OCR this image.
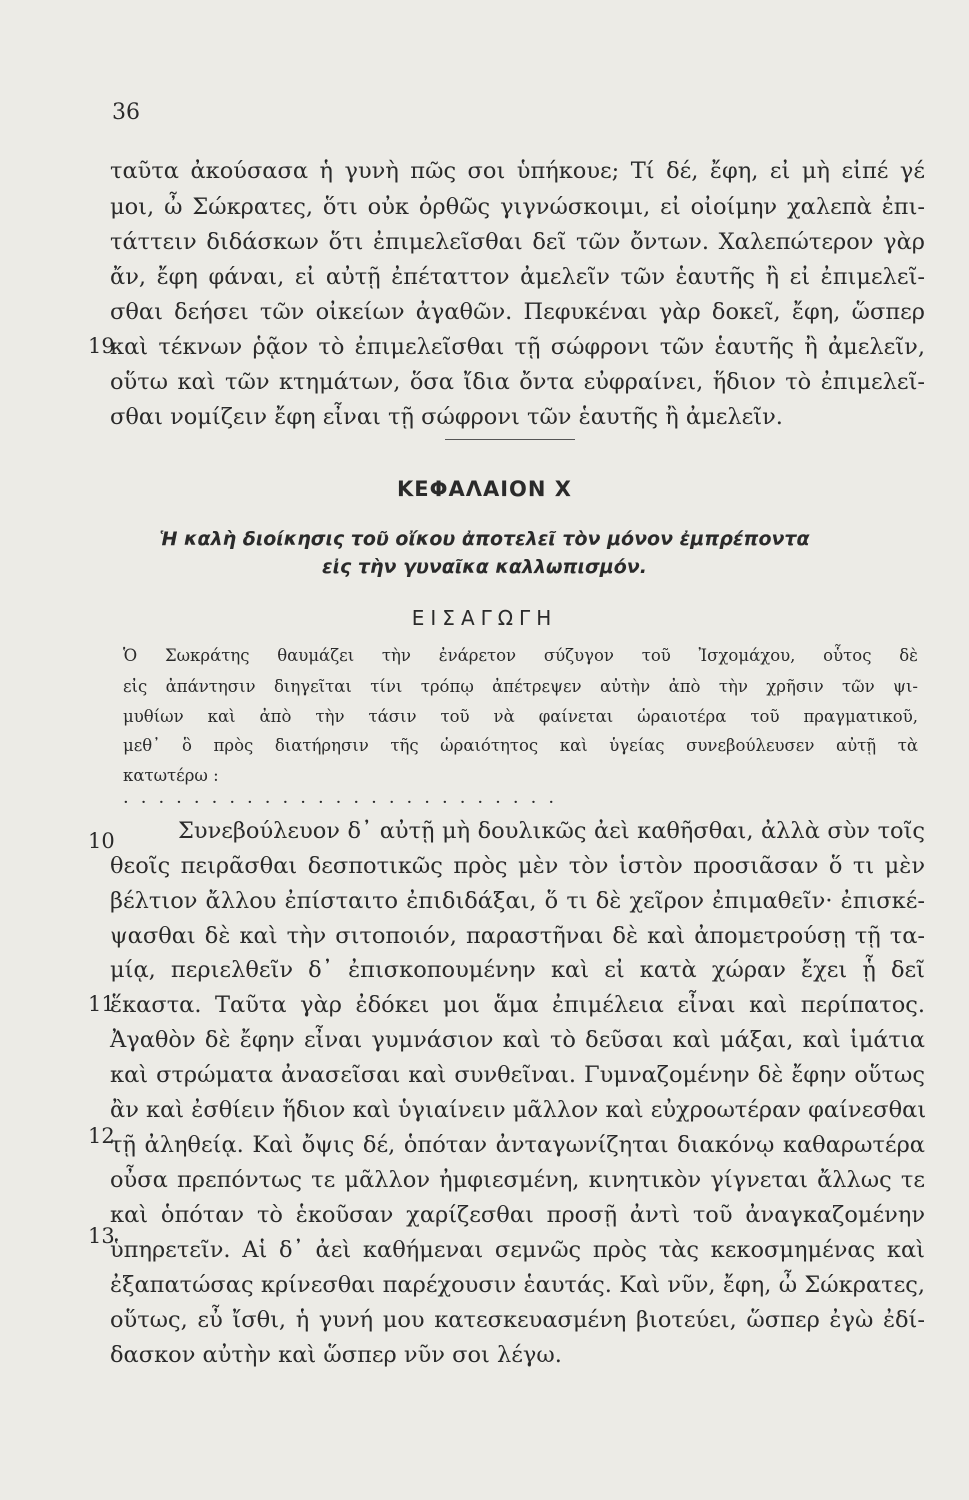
36
ταῦτα ἀκούσασα ἡ γυνὴ πῶς σοι ὑπήκουε; Τί δέ, ἔφη, εἰ μὴ εἰπέ γέ
μοι, ὦ Σώκρατες, ὅτι οὐκ ὀρθῶς γιγνώσκοιμι, εἰ οἰοίμην χαλεπὰ ἐπι-
τάττειν διδάσκων ὅτι ἐπιμελεῖσθαι δεῖ τῶν ὄντων. Χαλεπώτερον γὰρ
ἄν, ἔφη φάναι, εἰ αὐτῇ ἐπέταττον ἀμελεῖν τῶν ἑαυτῆς ἢ εἰ ἐπιμελεῖ-
σθαι δεήσει τῶν οἰκείων ἀγαθῶν. Πεφυκέναι γὰρ δοκεῖ, ἔφη, ὥσπερ
19
καὶ τέκνων ῥᾷον τὸ ἐπιμελεῖσθαι τῇ σώφρονι τῶν ἑαυτῆς ἢ ἀμελεῖν,
οὕτω καὶ τῶν κτημάτων, ὅσα ἴδια ὄντα εὐφραίνει, ἥδιον τὸ ἐπιμελεῖ-
σθαι νομίζειν ἔφη εἶναι τῇ σώφρονι τῶν ἑαυτῆς ἢ ἀμελεῖν.
ΚΕΦΑΛΑΙΟΝ Χ
Ἡ καλὴ διοίκησις τοῦ οἴκου ἀποτελεῖ τὸν μόνον ἐμπρέποντα
εἰς τὴν γυναῖκα καλλωπισμόν.
ΕΙΣΑΓΩΓΗ
Ὁ Σωκράτης θαυμάζει τὴν ἐνάρετον σύζυγον τοῦ Ἰσχομάχου, οὗτος δὲ
εἰς ἀπάντησιν διηγεῖται τίνι τρόπῳ ἀπέτρεψεν αὐτὴν ἀπὸ τὴν χρῆσιν τῶν ψι-
μυθίων καὶ ἀπὸ τὴν τάσιν τοῦ νὰ φαίνεται ὡραιοτέρα τοῦ πραγματικοῦ,
μεθ᾿ ὃ πρὸς διατήρησιν τῆς ὡραιότητος καὶ ὑγείας συνεβούλευσεν αὐτῇ τὰ
κατωτέρω :
·························
10	Συνεβούλευον δ᾿ αὐτῇ μὴ δουλικῶς ἀεὶ καθῆσθαι, ἀλλὰ σὺν τοῖς
θεοῖς πειρᾶσθαι δεσποτικῶς πρὸς μὲν τὸν ἱστὸν προσιᾶσαν ὅ τι μὲν
βέλτιον ἄλλου ἐπίσταιτο ἐπιδιδάξαι, ὅ τι δὲ χεῖρον ἐπιμαθεῖν· ἐπισκέ-
ψασθαι δὲ καὶ τὴν σιτοποιόν, παραστῆναι δὲ καὶ ἀπομετρούσῃ τῇ τα-
μίᾳ, περιελθεῖν δ᾿ ἐπισκοπουμένην καὶ εἰ κατὰ χώραν ἔχει ᾗ δεῖ
11
ἕκαστα. Ταῦτα γὰρ ἐδόκει μοι ἅμα ἐπιμέλεια εἶναι καὶ περίπατος.
Ἀγαθὸν δὲ ἔφην εἶναι γυμνάσιον καὶ τὸ δεῦσαι καὶ μάξαι, καὶ ἱμάτια
καὶ στρώματα ἀνασεῖσαι καὶ συνθεῖναι. Γυμναζομένην δὲ ἔφην οὕτως
ἂν καὶ ἐσθίειν ἥδιον καὶ ὑγιαίνειν μᾶλλον καὶ εὐχροωτέραν φαίνεσθαι
12
τῇ ἀληθείᾳ. Καὶ ὄψις δέ, ὁπόταν ἀνταγωνίζηται διακόνῳ καθαρωτέρα
οὖσα πρεπόντως τε μᾶλλον ἠμφιεσμένη, κινητικὸν γίγνεται ἄλλως τε
καὶ ὁπόταν τὸ ἑκοῦσαν χαρίζεσθαι προσῇ ἀντὶ τοῦ ἀναγκαζομένην
13
ὑπηρετεῖν. Αἱ δ᾿ ἀεὶ καθήμεναι σεμνῶς πρὸς τὰς κεκοσμημένας καὶ
ἐξαπατώσας κρίνεσθαι παρέχουσιν ἑαυτάς. Καὶ νῦν, ἔφη, ὦ Σώκρατες,
οὕτως, εὖ ἴσθι, ἡ γυνή μου κατεσκευασμένη βιοτεύει, ὥσπερ ἐγὼ ἐδί-
δασκον αὐτὴν καὶ ὥσπερ νῦν σοι λέγω.
